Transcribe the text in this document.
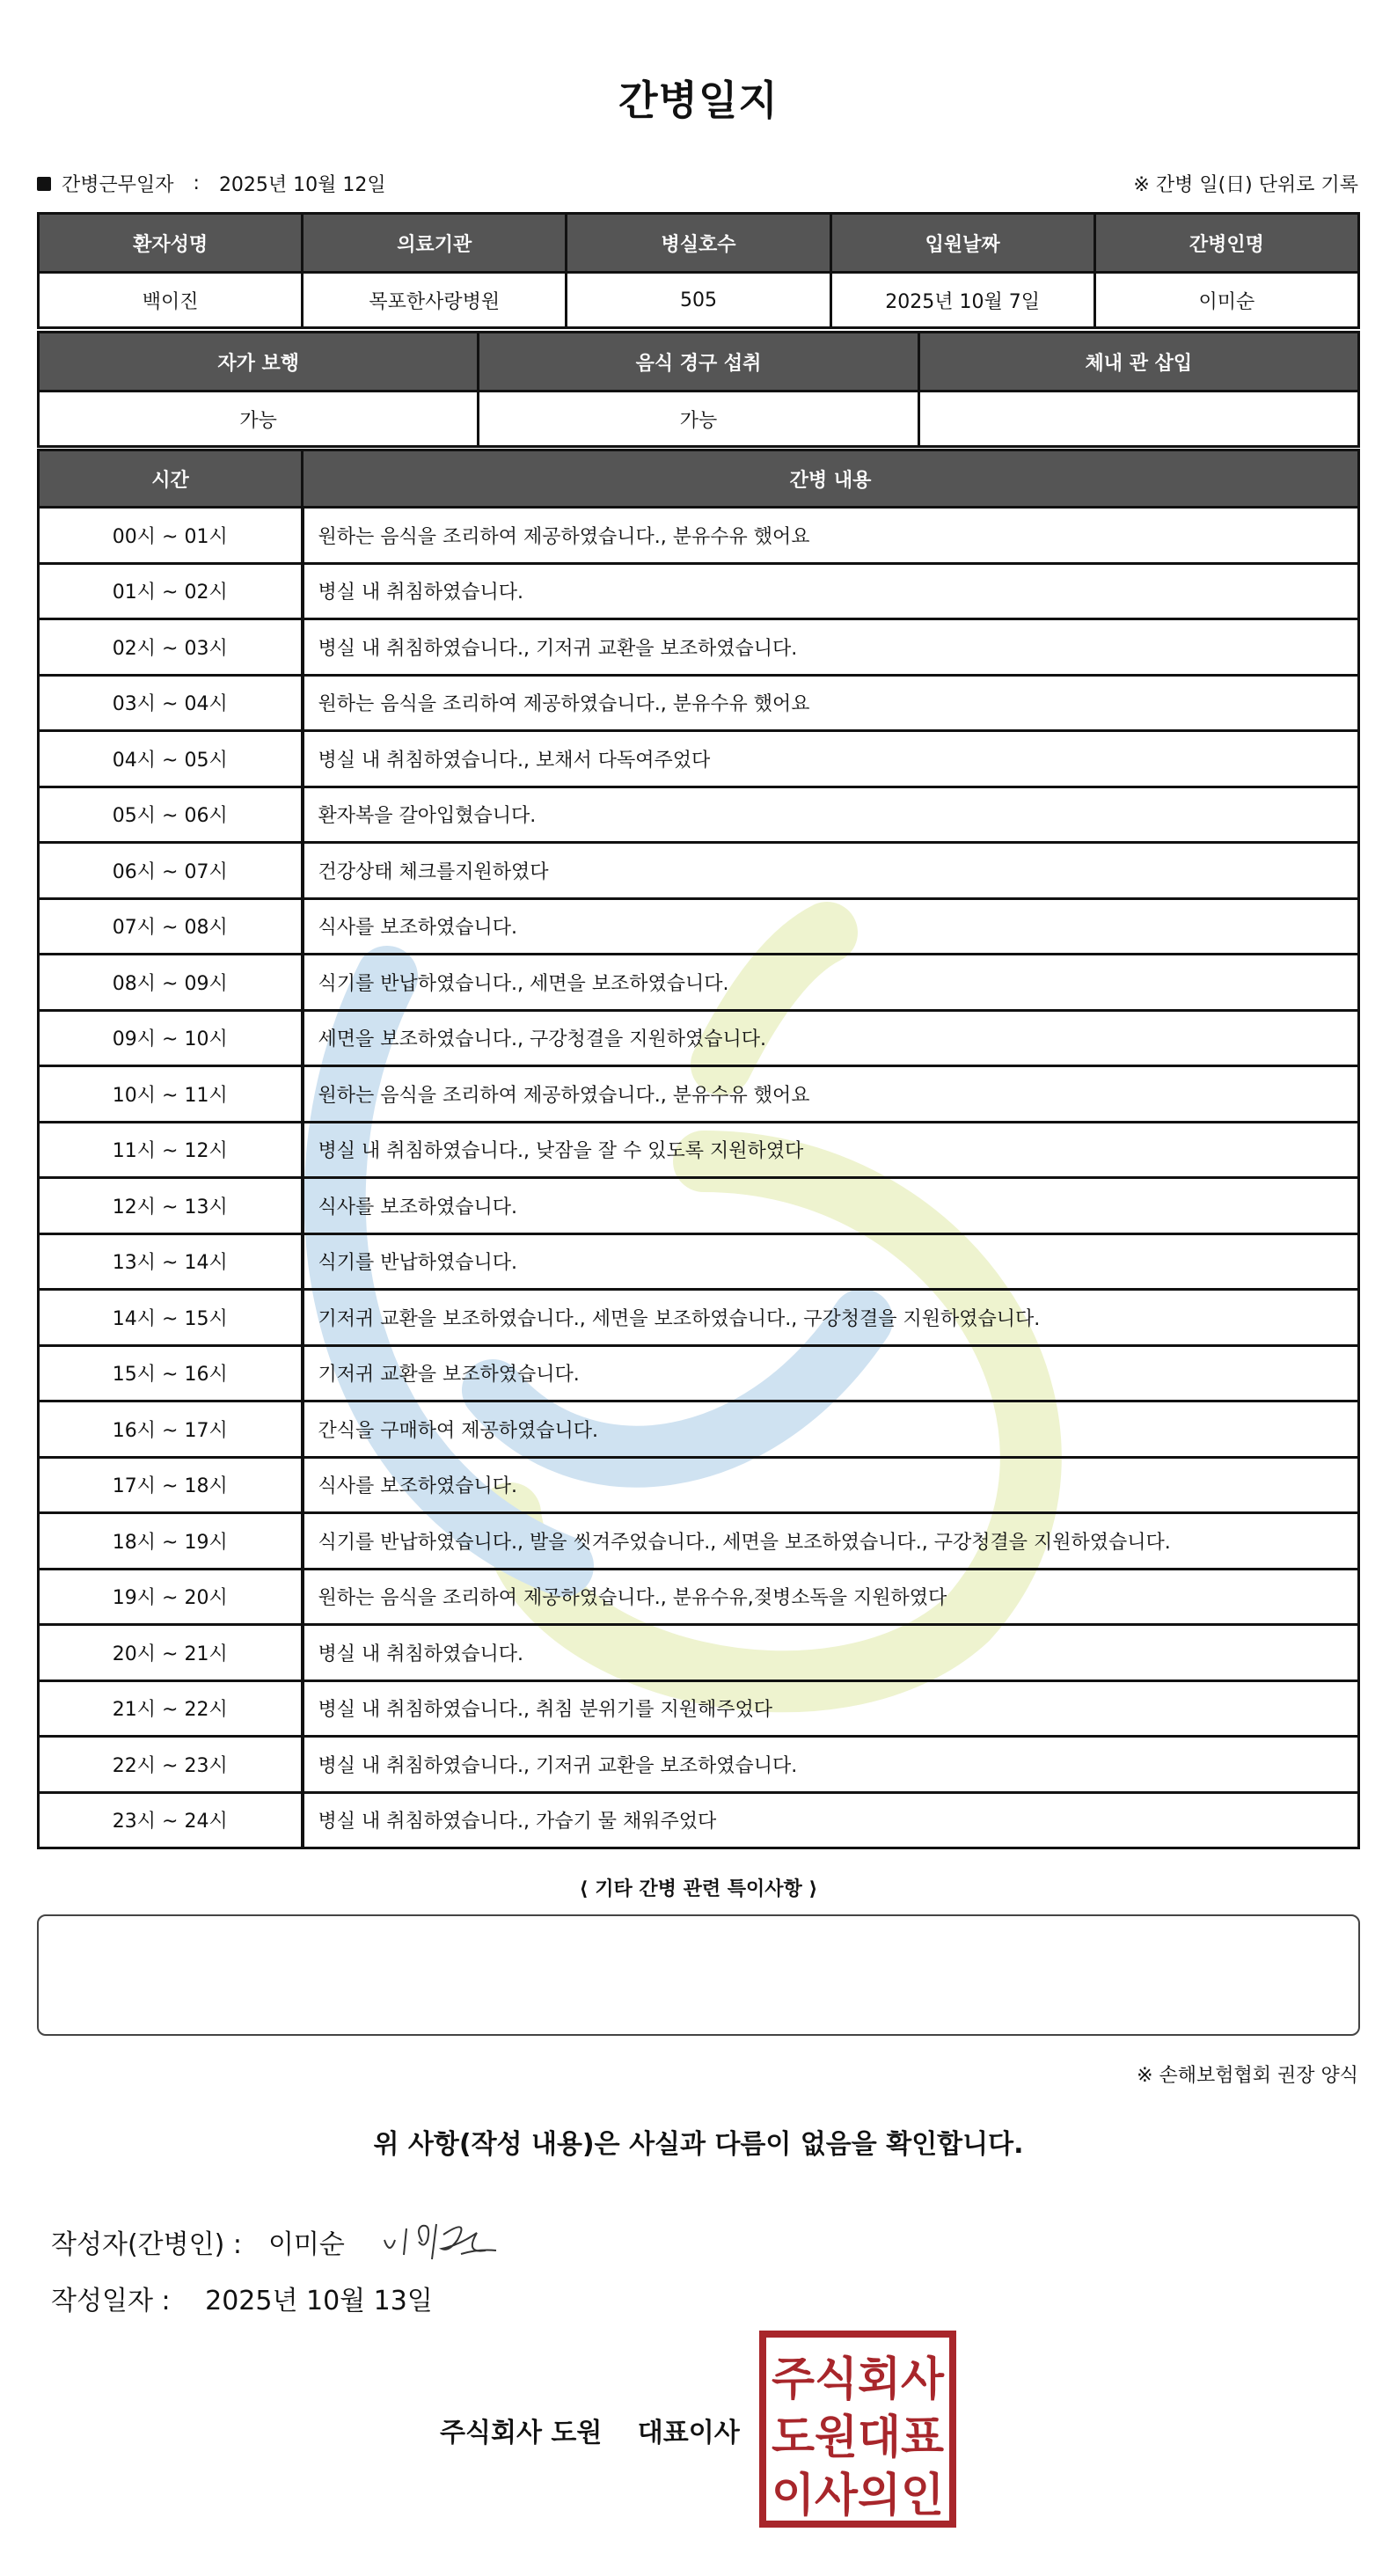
간병일지
간병근무일자 : 2025년 10월 12일	※ 간병 일(日) 단위로 기록
환자성명	의료기관	병실호수	입원날짜	간병인명
백이진	목포한사랑병원	505	2025년 10월 7일	이미순
자가 보행	음식 경구 섭취	체내 관 삽입
가능	가능	
시간	간병 내용
00시 ~ 01시	원하는 음식을 조리하여 제공하였습니다., 분유수유 했어요
01시 ~ 02시	병실 내 취침하였습니다.
02시 ~ 03시	병실 내 취침하였습니다., 기저귀 교환을 보조하였습니다.
03시 ~ 04시	원하는 음식을 조리하여 제공하였습니다., 분유수유 했어요
04시 ~ 05시	병실 내 취침하였습니다., 보채서 다독여주었다
05시 ~ 06시	환자복을 갈아입혔습니다.
06시 ~ 07시	건강상태 체크를지원하였다
07시 ~ 08시	식사를 보조하였습니다.
08시 ~ 09시	식기를 반납하였습니다., 세면을 보조하였습니다.
09시 ~ 10시	세면을 보조하였습니다., 구강청결을 지원하였습니다.
10시 ~ 11시	원하는 음식을 조리하여 제공하였습니다., 분유수유 했어요
11시 ~ 12시	병실 내 취침하였습니다., 낮잠을 잘 수 있도록 지원하였다
12시 ~ 13시	식사를 보조하였습니다.
13시 ~ 14시	식기를 반납하였습니다.
14시 ~ 15시	기저귀 교환을 보조하였습니다., 세면을 보조하였습니다., 구강청결을 지원하였습니다.
15시 ~ 16시	기저귀 교환을 보조하였습니다.
16시 ~ 17시	간식을 구매하여 제공하였습니다.
17시 ~ 18시	식사를 보조하였습니다.
18시 ~ 19시	식기를 반납하였습니다., 발을 씻겨주었습니다., 세면을 보조하였습니다., 구강청결을 지원하였습니다.
19시 ~ 20시	원하는 음식을 조리하여 제공하였습니다., 분유수유,젖병소독을 지원하였다
20시 ~ 21시	병실 내 취침하였습니다.
21시 ~ 22시	병실 내 취침하였습니다., 취침 분위기를 지원해주었다
22시 ~ 23시	병실 내 취침하였습니다., 기저귀 교환을 보조하였습니다.
23시 ~ 24시	병실 내 취침하였습니다., 가습기 물 채워주었다
⟨ 기타 간병 관련 특이사항 ⟩
※ 손해보험협회 권장 양식
위 사항(작성 내용)은 사실과 다름이 없음을 확인합니다.
작성자(간병인) : 이미순
작성일자 : 2025년 10월 13일
주식회사 도원 대표이사
주식회사
도원대표
이사의인
